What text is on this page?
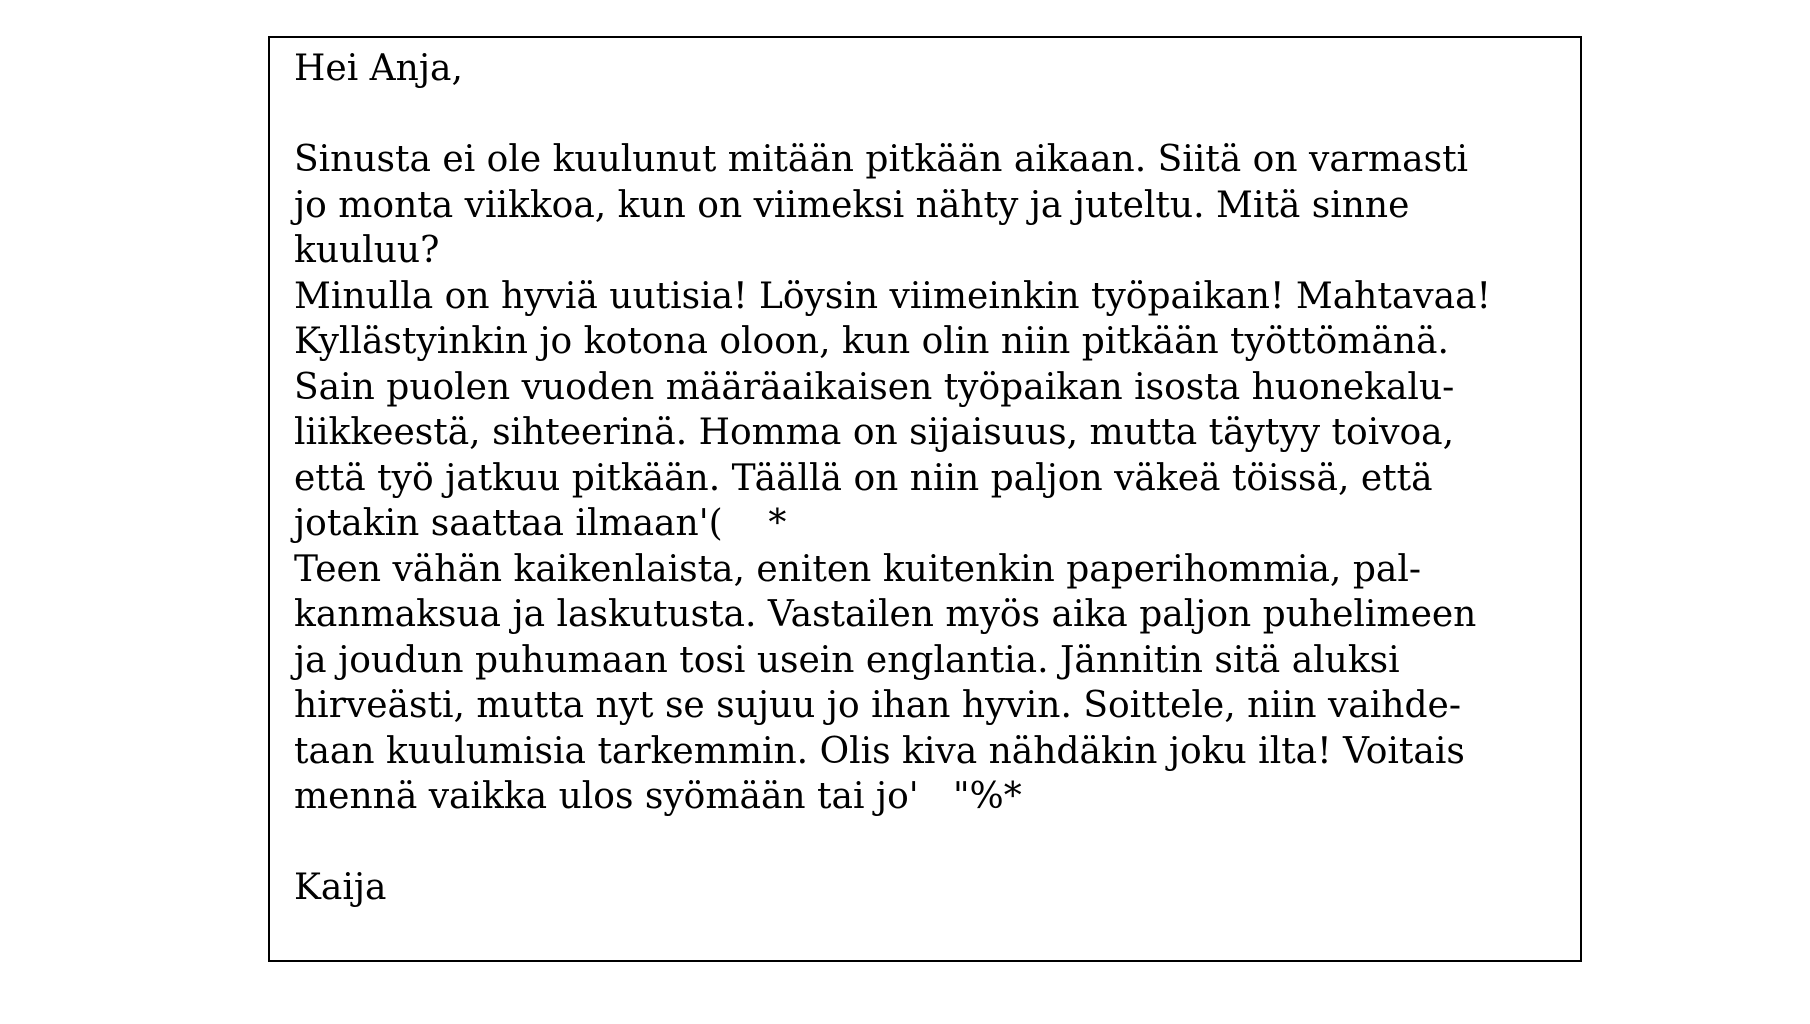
Hei Anja,
Sinusta ei ole kuulunut mitään pitkään aikaan. Siitä on varmasti
jo monta viikkoa, kun on viimeksi nähty ja juteltu. Mitä sinne
kuuluu?
Minulla on hyviä uutisia! Löysin viimeinkin työpaikan! Mahtavaa!
Kyllästyinkin jo kotona oloon, kun olin niin pitkään työttömänä.
Sain puolen vuoden määräaikaisen työpaikan isosta huonekalu-
liikkeestä, sihteerinä. Homma on sijaisuus, mutta täytyy toivoa,
että työ jatkuu pitkään. Täällä on niin paljon väkeä töissä, että
jotakin saattaa ilmaan'(    *
Teen vähän kaikenlaista, eniten kuitenkin paperihommia, pal-
kanmaksua ja laskutusta. Vastailen myös aika paljon puhelimeen
ja joudun puhumaan tosi usein englantia. Jännitin sitä aluksi
hirveästi, mutta nyt se sujuu jo ihan hyvin. Soittele, niin vaihde-
taan kuulumisia tarkemmin. Olis kiva nähdäkin joku ilta! Voitais
mennä vaikka ulos syömään tai jo'   "%*
Kaija
